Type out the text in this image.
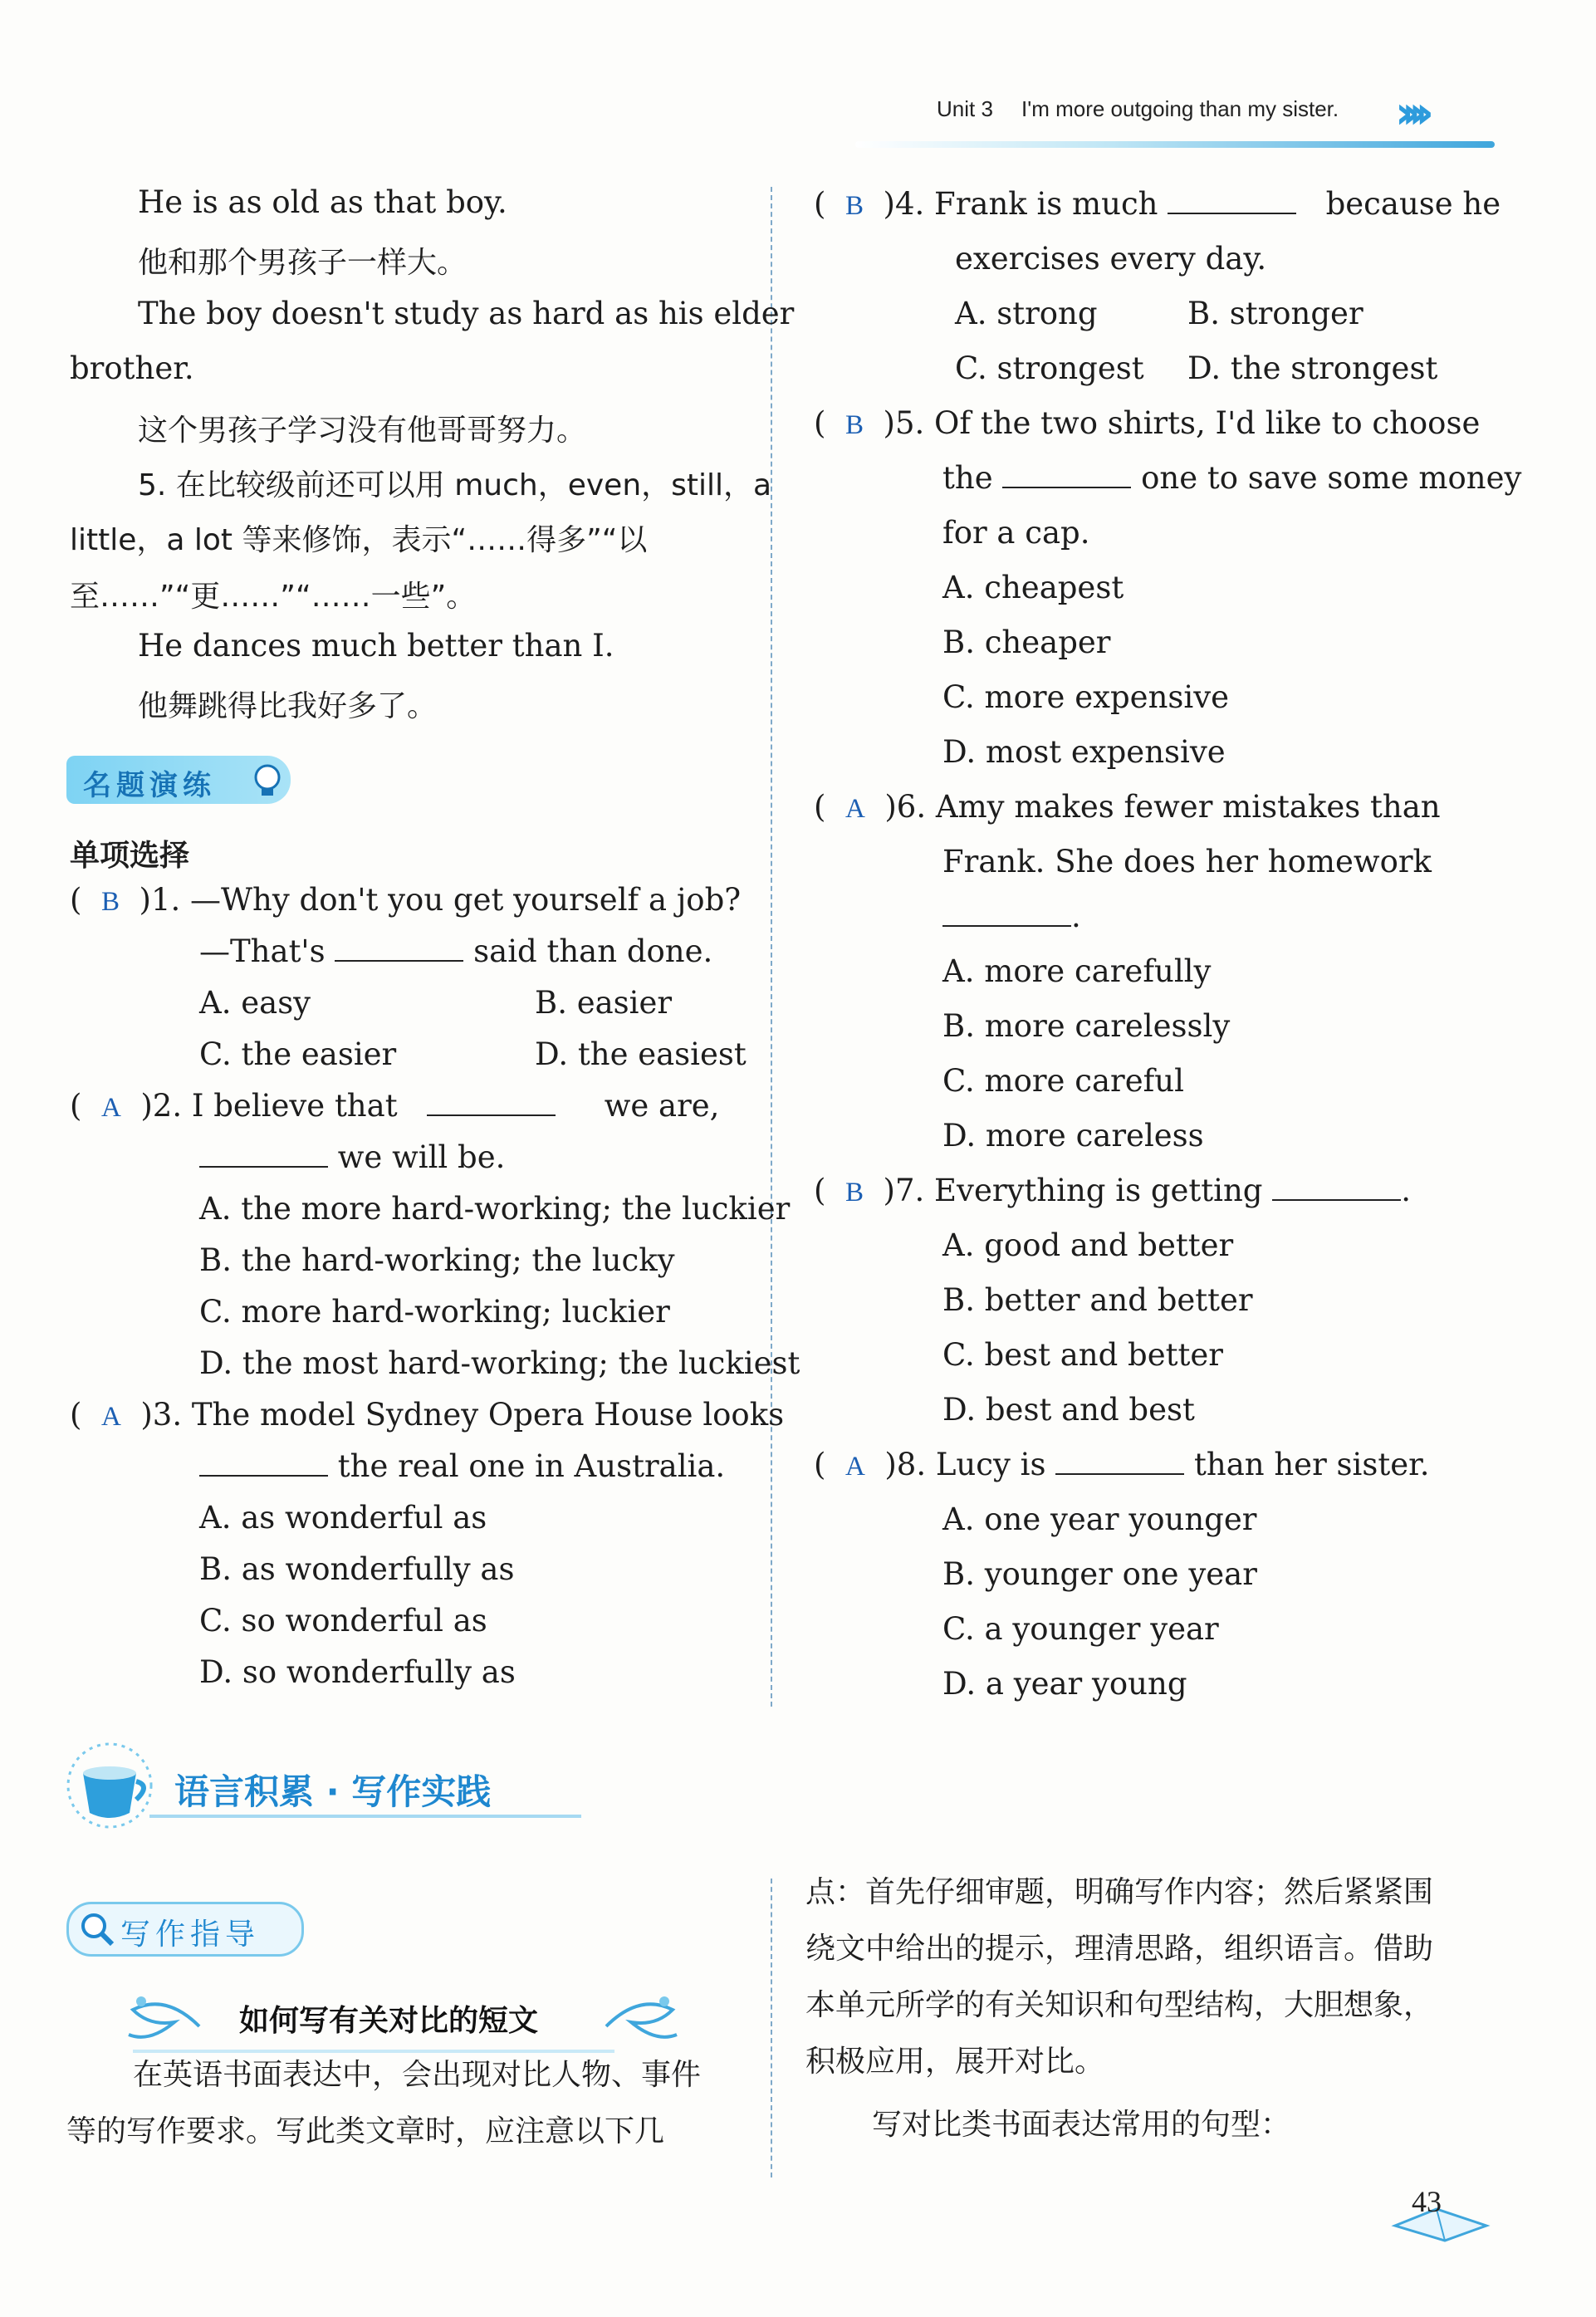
Unit 3 I'm more outgoing than my sister. ››››
He is as old as that boy.
他和那个男孩子一样大。
The boy doesn't study as hard as his elder
brother.
这个男孩子学习没有他哥哥努力。
5. 在比较级前还可以用 much，even，still，a
little，a lot 等来修饰，表示“……得多”“以
至……”“更……”“……一些”。
He dances much better than I.
他舞跳得比我好多了。
名题演练
单项选择
(  B  )1. —Why don't you get yourself a job?
—That's	said than done.
A. easy	B. easier
C. the easier	D. the easiest
(  A  )2. I believe that	we are,
we will be.
A. the more hard-working; the luckier
B. the hard-working; the lucky
C. more hard-working; luckier
D. the most hard-working; the luckiest
(  A  )3. The model Sydney Opera House looks
the real one in Australia.
A. as wonderful as
B. as wonderfully as
C. so wonderful as
D. so wonderfully as
(  B  )4. Frank is much	because he
exercises every day.
A. strong	B. stronger
C. strongest D. the strongest
(  B  )5. Of the two shirts, I'd like to choose
the	one to save some money
for a cap.
A. cheapest
B. cheaper
C. more expensive
D. most expensive
(  A  )6. Amy makes fewer mistakes than
Frank. She does her homework
.
A. more carefully
B. more carelessly
C. more careful
D. more careless
(  B  )7. Everything is getting	.
A. good and better
B. better and better
C. best and better
D. best and best
(  A  )8. Lucy is	than her sister.
A. one year younger
B. younger one year
C. a younger year
D. a year young
语言积累 · 写作实践
写作指导
如何写有关对比的短文
在英语书面表达中，会出现对比人物、事件
等的写作要求。写此类文章时，应注意以下几
点：首先仔细审题，明确写作内容；然后紧紧围
绕文中给出的提示，理清思路，组织语言。借助
本单元所学的有关知识和句型结构，大胆想象，
积极应用，展开对比。
写对比类书面表达常用的句型：
43
